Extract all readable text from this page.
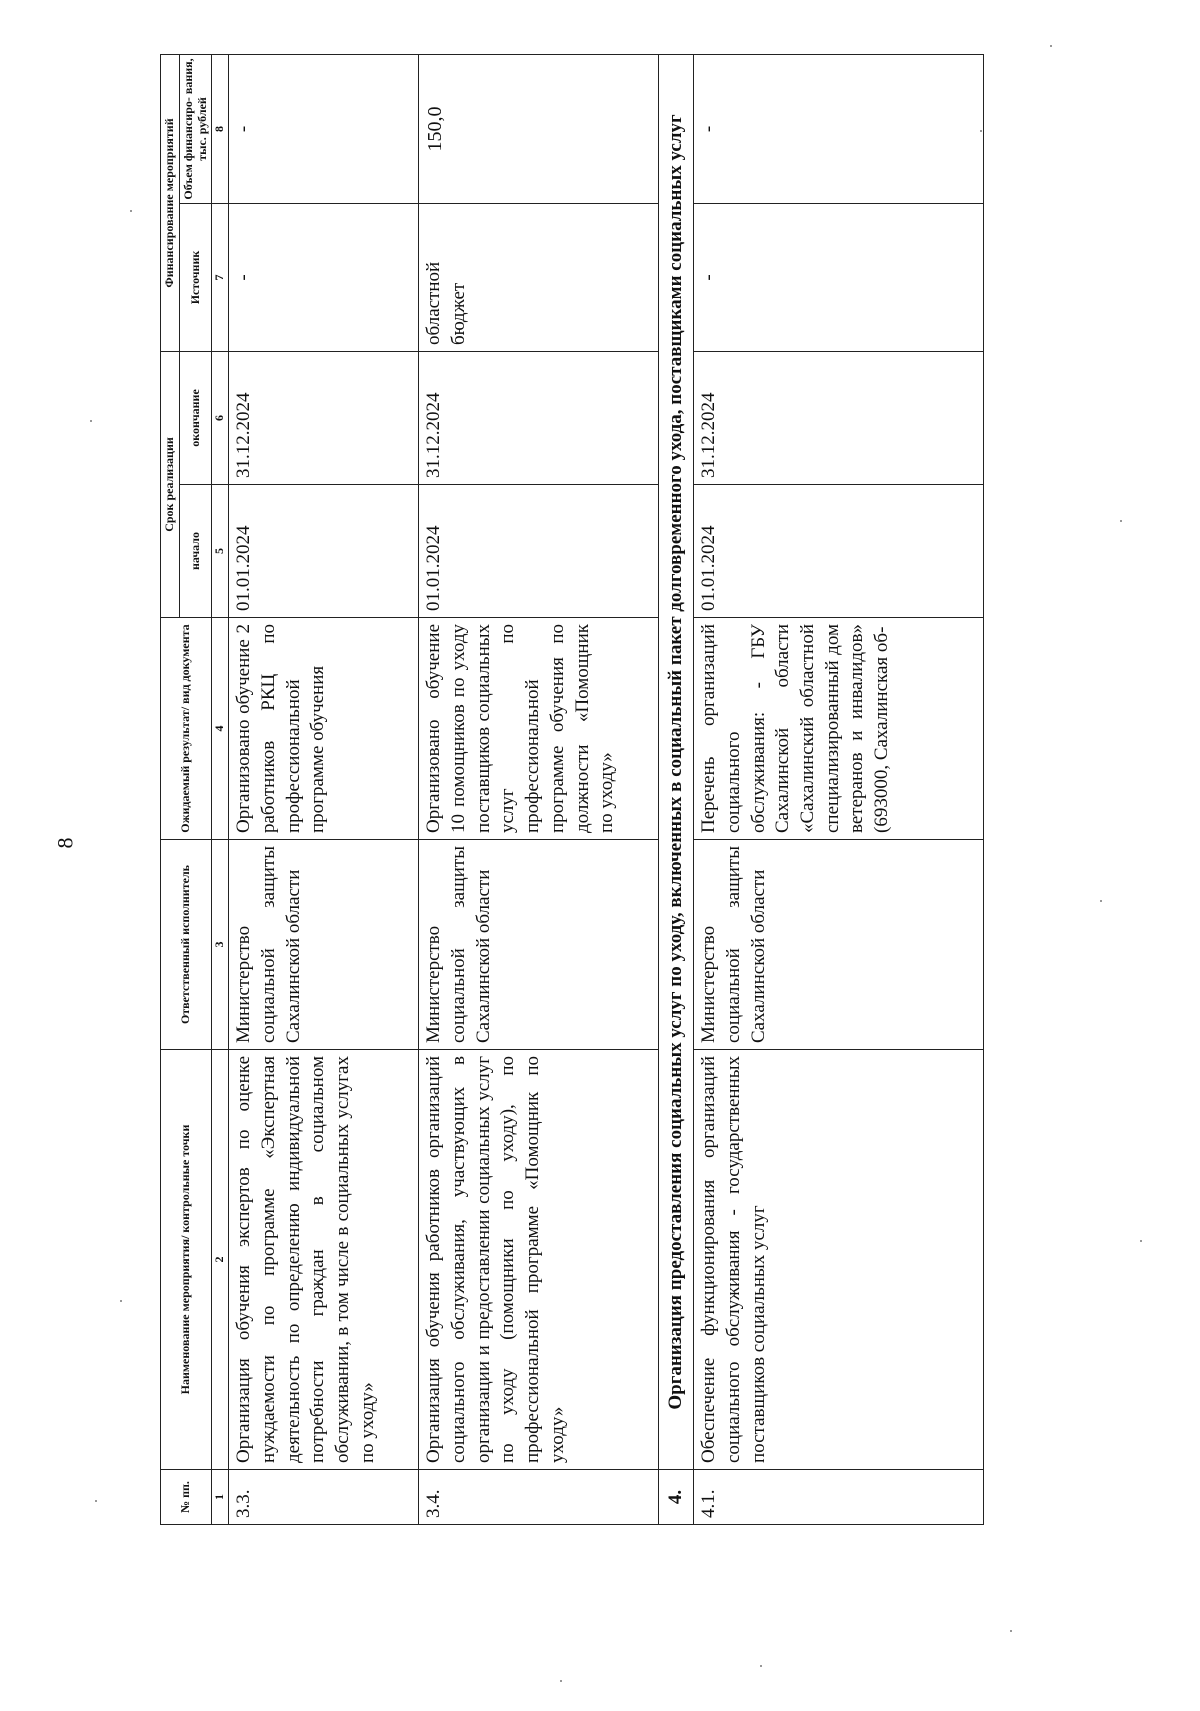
8
№ пп.	Наименование мероприятия/ контрольные точки	Ответственный исполнитель	Ожидаемый результат/ вид документа	Срок реализации		Финансирование мероприятий	
				начало	окончание	Источник	Объем финансиро- вания, тыс. рублей
1	2	3	4	5	6	7	8
3.3.	Организация обучения экспертов по оценке нуждаемости по программе «Экспертная деятельность по определению индивидуальной потребности граждан в социальном обслуживании, в том числе в социальных услугах по уходу»	Министерство социальной защиты Сахалинской области	Организовано обучение 2 работников РКЦ по профессиональной программе обучения	01.01.2024	31.12.2024	-	-
3.4.	Организация обучения работников организаций социального обслуживания, участвующих в организации и предоставлении социальных услуг по уходу (помощники по уходу), по профессиональной программе «Помощник по уходу»	Министерство социальной защиты Сахалинской области	Организовано обучение 10 помощников по уходу поставщиков социальных услуг по профессиональной программе обучения по должности «Помощник по уходу»	01.01.2024	31.12.2024	областной бюджет	150,0
4.	Организация предоставления социальных услуг по уходу, включенных в социальный пакет долговременного ухода, поставщиками социальных услуг						
4.1.	Обеспечение функционирования организаций социального обслуживания - государственных поставщиков социальных услуг	Министерство социальной защиты Сахалинской области	Перечень организаций социального обслуживания: - ГБУ Сахалинской области «Сахалинский областной специализированный дом ветеранов и инвалидов» (693000, Сахалинская об-	01.01.2024	31.12.2024	-	-
